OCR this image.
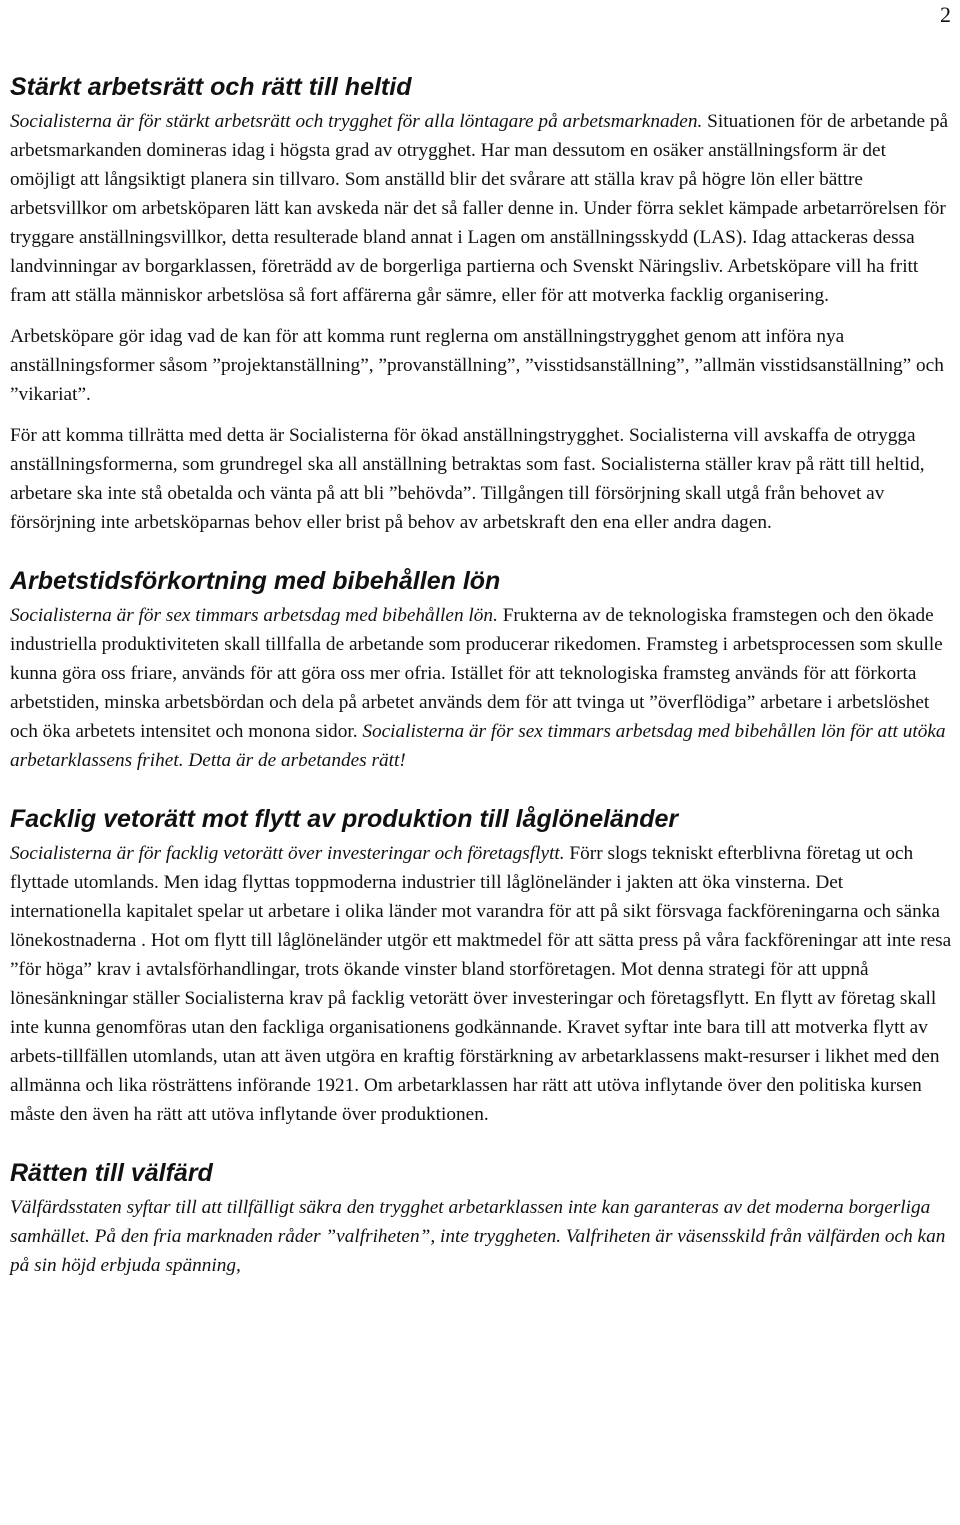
2
Stärkt arbetsrätt och rätt till heltid

Socialisterna är för stärkt arbetsrätt och trygghet för alla löntagare på arbetsmarknaden. Situationen för de arbetande på arbetsmarkanden domineras idag i högsta grad av otrygghet. Har man dessutom en osäker anställningsform är det omöjligt att långsiktigt planera sin tillvaro. Som anställd blir det svårare att ställa krav på högre lön eller bättre arbetsvillkor om arbetsköparen lätt kan avskeda när det så faller denne in. Under förra seklet kämpade arbetarrörelsen för tryggare anställningsvillkor, detta resulterade bland annat i Lagen om anställningsskydd (LAS). Idag attackeras dessa landvinningar av borgarklassen, företrädd av de borgerliga partierna och Svenskt Näringsliv. Arbetsköpare vill ha fritt fram att ställa människor arbetslösa så fort affärerna går sämre, eller för att motverka facklig organisering.

Arbetsköpare gör idag vad de kan för att komma runt reglerna om anställningstrygghet genom att införa nya anställningsformer såsom ”projektanställning”, ”provanställning”, ”visstidsanställning”, ”allmän visstidsanställning” och ”vikariat”.

För att komma tillrätta med detta är Socialisterna för ökad anställningstrygghet. Socialisterna vill avskaffa de otrygga anställningsformerna, som grundregel ska all anställning betraktas som fast. Socialisterna ställer krav på rätt till heltid, arbetare ska inte stå obetalda och vänta på att bli ”behövda”. Tillgången till försörjning skall utgå från behovet av försörjning inte arbetsköparnas behov eller brist på behov av arbetskraft den ena eller andra dagen.

Arbetstidsförkortning med bibehållen lön

Socialisterna är för sex timmars arbetsdag med bibehållen lön. Frukterna av de teknologiska framstegen och den ökade industriella produktiviteten skall tillfalla de arbetande som producerar rikedomen. Framsteg i arbetsprocessen som skulle kunna göra oss friare, används för att göra oss mer ofria. Istället för att teknologiska framsteg används för att förkorta arbetstiden, minska arbetsbördan och dela på arbetet används dem för att tvinga ut ”överflödiga” arbetare i arbetslöshet och öka arbetets intensitet och monona sidor. Socialisterna är för sex timmars arbetsdag med bibehållen lön för att utöka arbetarklassens frihet. Detta är de arbetandes rätt!

Facklig vetorätt mot flytt av produktion till låglöneländer

Socialisterna är för facklig vetorätt över investeringar och företagsflytt. Förr slogs tekniskt efterblivna företag ut och flyttade utomlands. Men idag flyttas toppmoderna industrier till låglöneländer i jakten att öka vinsterna. Det internationella kapitalet spelar ut arbetare i olika länder mot varandra för att på sikt försvaga fackföreningarna och sänka lönekostnaderna . Hot om flytt till låglöneländer utgör ett maktmedel för att sätta press på våra fackföreningar att inte resa ”för höga” krav i avtalsförhandlingar, trots ökande vinster bland storföretagen. Mot denna strategi för att uppnå lönesänkningar ställer Socialisterna krav på facklig vetorätt över investeringar och företagsflytt. En flytt av företag skall inte kunna genomföras utan den fackliga organisationens godkännande. Kravet syftar inte bara till att motverka flytt av arbets-tillfällen utomlands, utan att även utgöra en kraftig förstärkning av arbetarklassens makt-resurser i likhet med den allmänna och lika rösträttens införande 1921. Om arbetarklassen har rätt att utöva inflytande över den politiska kursen måste den även ha rätt att utöva inflytande över produktionen.

Rätten till välfärd

Välfärdsstaten syftar till att tillfälligt säkra den trygghet arbetarklassen inte kan garanteras av det moderna borgerliga samhället. På den fria marknaden råder ”valfriheten”, inte tryggheten. Valfriheten är väsensskild från välfärden och kan på sin höjd erbjuda spänning,
